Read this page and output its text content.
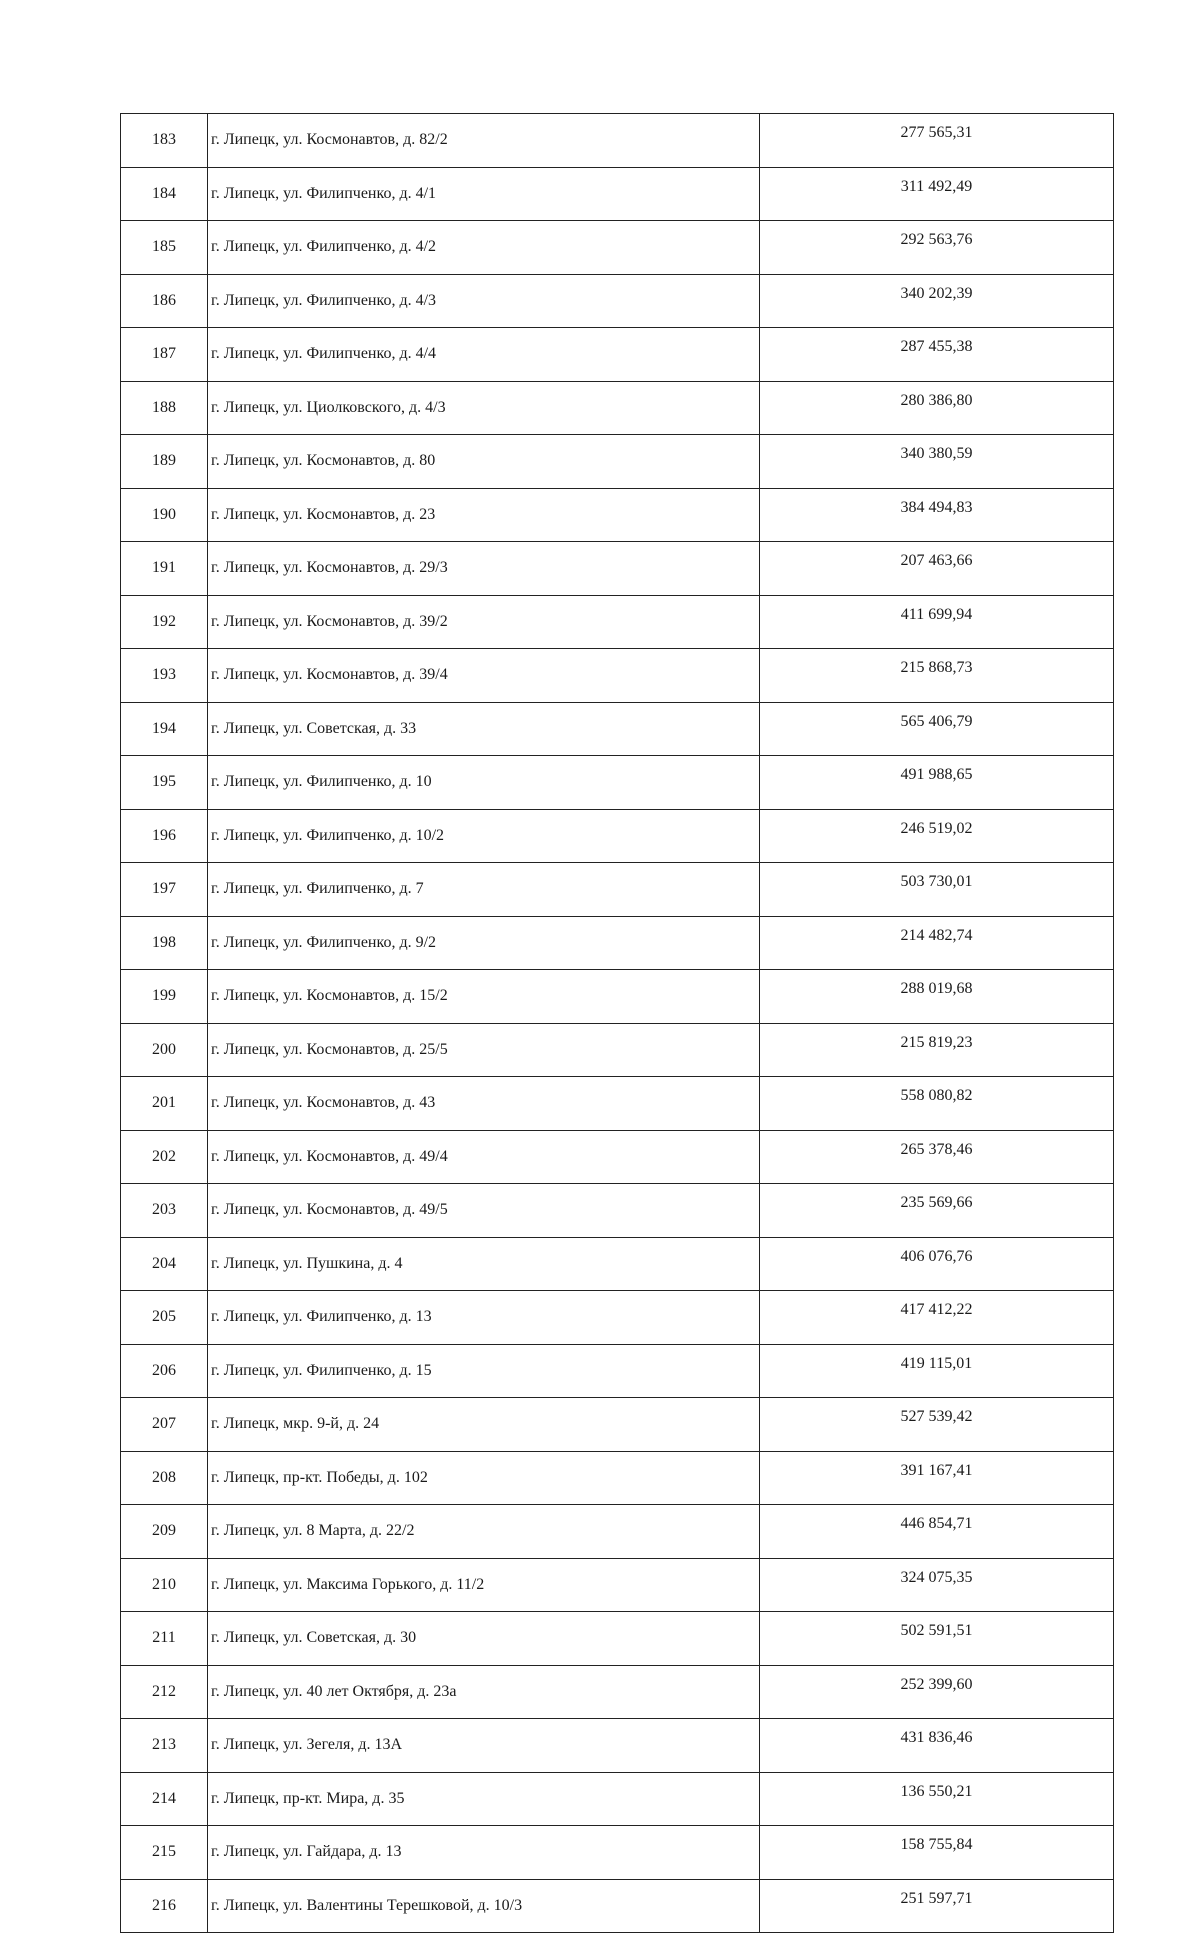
183	г. Липецк, ул. Космонавтов, д. 82/2	277 565,31
184	г. Липецк, ул. Филипченко, д. 4/1	311 492,49
185	г. Липецк, ул. Филипченко, д. 4/2	292 563,76
186	г. Липецк, ул. Филипченко, д. 4/3	340 202,39
187	г. Липецк, ул. Филипченко, д. 4/4	287 455,38
188	г. Липецк, ул. Циолковского, д. 4/3	280 386,80
189	г. Липецк, ул. Космонавтов, д. 80	340 380,59
190	г. Липецк, ул. Космонавтов, д. 23	384 494,83
191	г. Липецк, ул. Космонавтов, д. 29/3	207 463,66
192	г. Липецк, ул. Космонавтов, д. 39/2	411 699,94
193	г. Липецк, ул. Космонавтов, д. 39/4	215 868,73
194	г. Липецк, ул. Советская, д. 33	565 406,79
195	г. Липецк, ул. Филипченко, д. 10	491 988,65
196	г. Липецк, ул. Филипченко, д. 10/2	246 519,02
197	г. Липецк, ул. Филипченко, д. 7	503 730,01
198	г. Липецк, ул. Филипченко, д. 9/2	214 482,74
199	г. Липецк, ул. Космонавтов, д. 15/2	288 019,68
200	г. Липецк, ул. Космонавтов, д. 25/5	215 819,23
201	г. Липецк, ул. Космонавтов, д. 43	558 080,82
202	г. Липецк, ул. Космонавтов, д. 49/4	265 378,46
203	г. Липецк, ул. Космонавтов, д. 49/5	235 569,66
204	г. Липецк, ул. Пушкина, д. 4	406 076,76
205	г. Липецк, ул. Филипченко, д. 13	417 412,22
206	г. Липецк, ул. Филипченко, д. 15	419 115,01
207	г. Липецк, мкр. 9-й, д. 24	527 539,42
208	г. Липецк, пр-кт. Победы, д. 102	391 167,41
209	г. Липецк, ул. 8 Марта, д. 22/2	446 854,71
210	г. Липецк, ул. Максима Горького, д. 11/2	324 075,35
211	г. Липецк, ул. Советская, д. 30	502 591,51
212	г. Липецк, ул. 40 лет Октября, д. 23а	252 399,60
213	г. Липецк, ул. Зегеля, д. 13А	431 836,46
214	г. Липецк, пр-кт. Мира, д. 35	136 550,21
215	г. Липецк, ул. Гайдара, д. 13	158 755,84
216	г. Липецк, ул. Валентины Терешковой, д. 10/3	251 597,71
